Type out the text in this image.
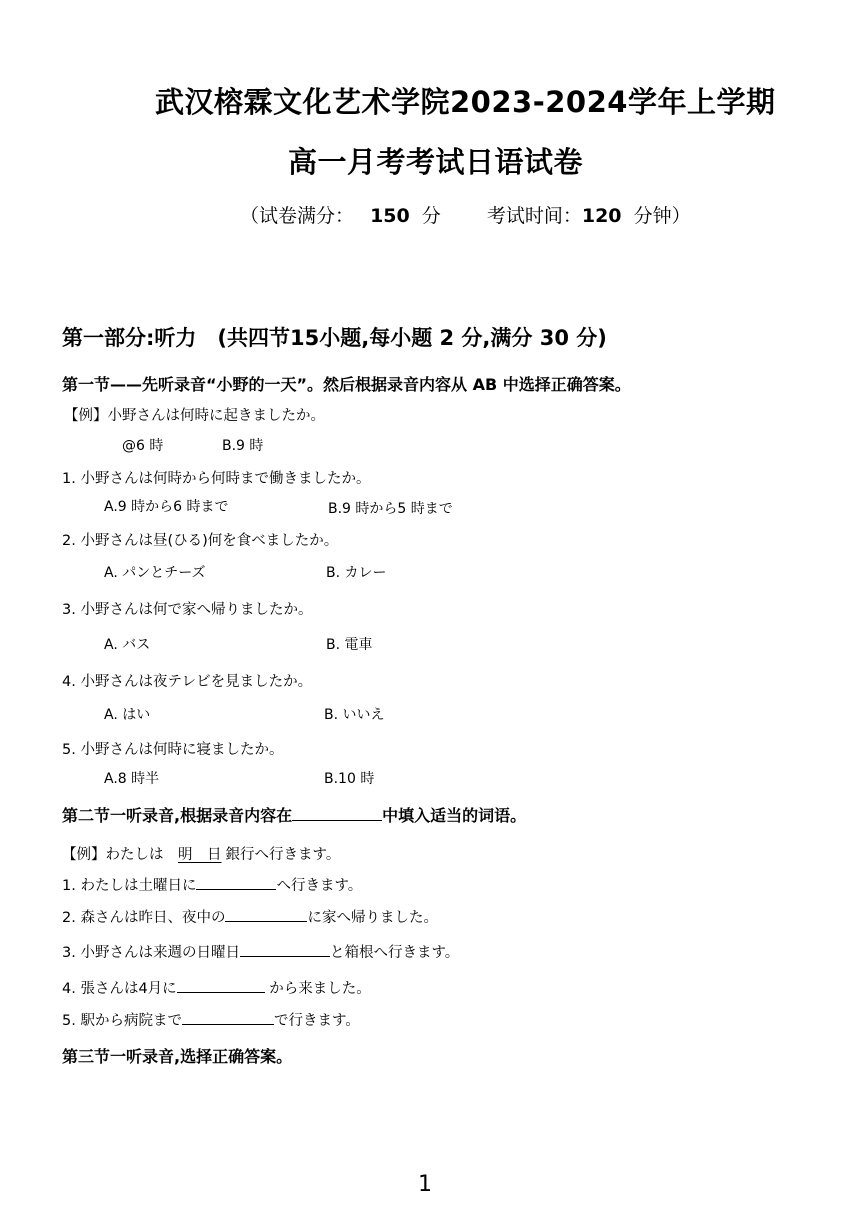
武汉榕霖文化艺术学院2023-2024学年上学期
高一月考考试日语试卷
（试卷满分： 150 分 考试时间：120 分钟）
第一部分:听力　(共四节15小题,每小题 2 分,满分 30 分)
第一节——先听录音“小野的一天”。然后根据录音内容从 AB 中选择正确答案。
【例】小野さんは何時に起きましたか。
@6 時	B.9 時
1. 小野さんは何時から何時まで働きましたか。
A.9 時から6 時まで	B.9 時から5 時まで
2. 小野さんは昼(ひる)何を食べましたか。
A. パンとチーズ	B. カレー
3. 小野さんは何で家へ帰りましたか。
A. バス	B. 電車
4. 小野さんは夜テレビを見ましたか。
A. はい	B. いいえ
5. 小野さんは何時に寝ましたか。
A.8 時半	B.10 時
第二节一听录音,根据录音内容在	中填入适当的词语。
【例】わたしは　明　日 銀行へ行きます。
1. わたしは土曜日に	へ行きます。
2. 森さんは昨日、夜中の	に家へ帰りました。
3. 小野さんは来週の日曜日	と箱根へ行きます。
4. 張さんは4月に	から来ました。
5. 駅から病院まで	で行きます。
第三节一听录音,选择正确答案。
1
